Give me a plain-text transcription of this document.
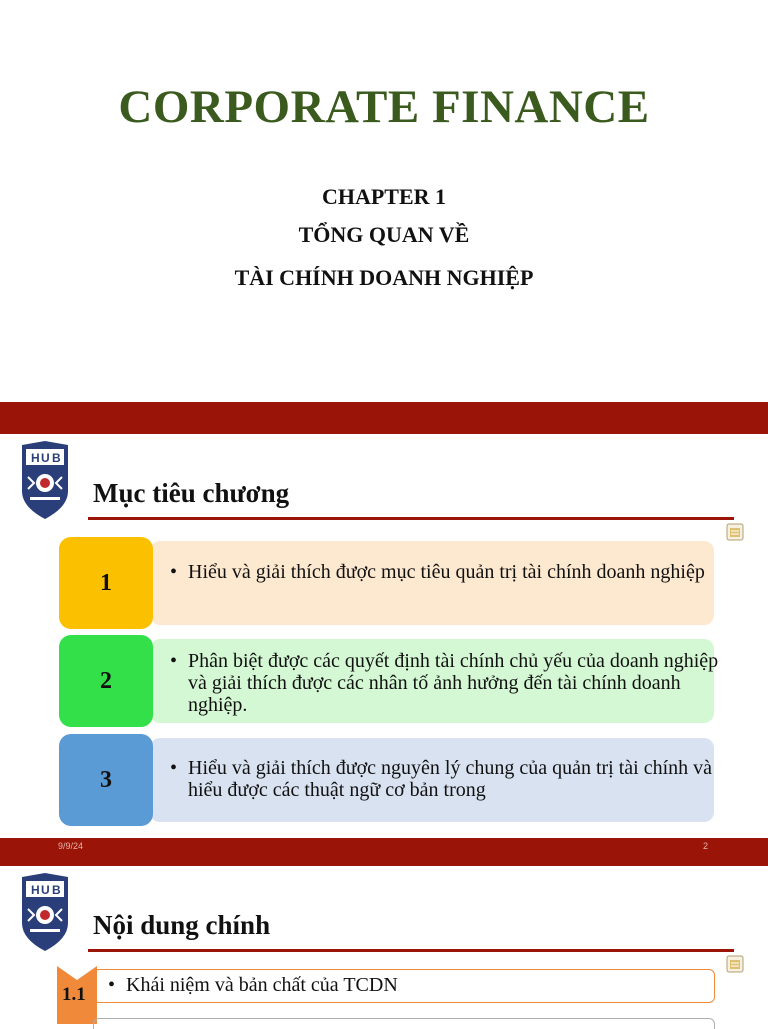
CORPORATE FINANCE
CHAPTER 1
TỔNG QUAN VỀ
TÀI CHÍNH DOANH NGHIỆP
H U B
Mục tiêu chương
1	• Hiểu và giải thích được mục tiêu quản trị tài chính doanh nghiệp
2
• Phân biệt được các quyết định tài chính chủ yếu của doanh nghiệp và giải thích được các nhân tố ảnh hưởng đến tài chính doanh nghiệp.
3	• Hiểu và giải thích được nguyên lý chung của quản trị tài chính và hiểu được các thuật ngữ cơ bản trong
9/9/24	2
H U B
Nội dung chính
1.1 • Khái niệm và bản chất của TCDN
